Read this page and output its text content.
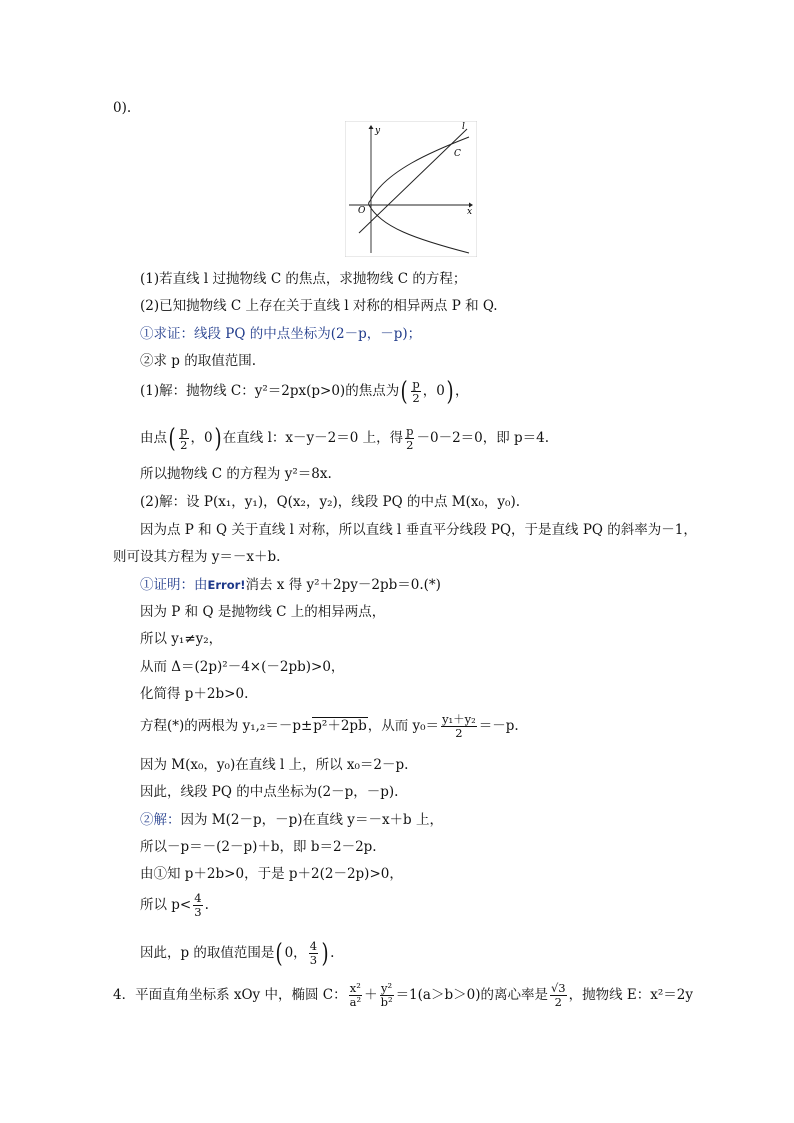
0).
y
x
O
l
C
(1)若直线 l 过抛物线 C 的焦点，求抛物线 C 的方程；
(2)已知抛物线 C 上存在关于直线 l 对称的相异两点 P 和 Q.
①求证：线段 PQ 的中点坐标为(2－p，－p)；
②求 p 的取值范围.
(1)解：抛物线 C：y²＝2px(p>0)的焦点为( $\frac{p}{2}$ ，0) ，
由点( $\frac{p}{2}$ ，0) 在直线 l：x－y－2＝0 上，得 $\frac{p}{2} -0-2=0$，即 p＝4.
所以抛物线 C 的方程为 y²＝8x.
(2)解：设 P(x₁，y₁)，Q(x₂，y₂)，线段 PQ 的中点 M(x₀，y₀).
因为点 P 和 Q 关于直线 l 对称，所以直线 l 垂直平分线段 PQ，于是直线 PQ 的斜率为－1，
则可设其方程为 y＝－x＋b.
①证明：由Error!消去 x 得 y²＋2py－2pb＝0.(*)
因为 P 和 Q 是抛物线 C 上的相异两点，
所以 y₁≠y₂，
从而 Δ＝(2p)²－4×(－2pb)>0，
化简得 p＋2b>0.
方程(*)的两根为 y₁,₂＝－p±p²＋2pb，从而 $y_0= \frac{\text{y₁＋y₂}}{2} =-p$.
因为 M(x₀，y₀)在直线 l 上，所以 x₀＝2－p.
因此，线段 PQ 的中点坐标为(2－p，－p).
②解：因为 M(2－p，－p)在直线 y＝－x＋b 上，
所以－p＝－(2－p)＋b，即 b＝2－2p.
由①知 p＋2b>0，于是 p＋2(2－2p)>0，
所以 $p< \frac{4}{3}$ .
因此，p 的取值范围是( 0， $\frac{4}{3}$ ) .
4．平面直角坐标系 xOy 中，椭圆 C： $\frac{\text{x²}}{\text{a²}} + \frac{\text{y²}}{\text{b²}} =1(a>b>0)$的离心率是 $\frac{√3}{2}$ ，抛物线 E：x²＝2y
